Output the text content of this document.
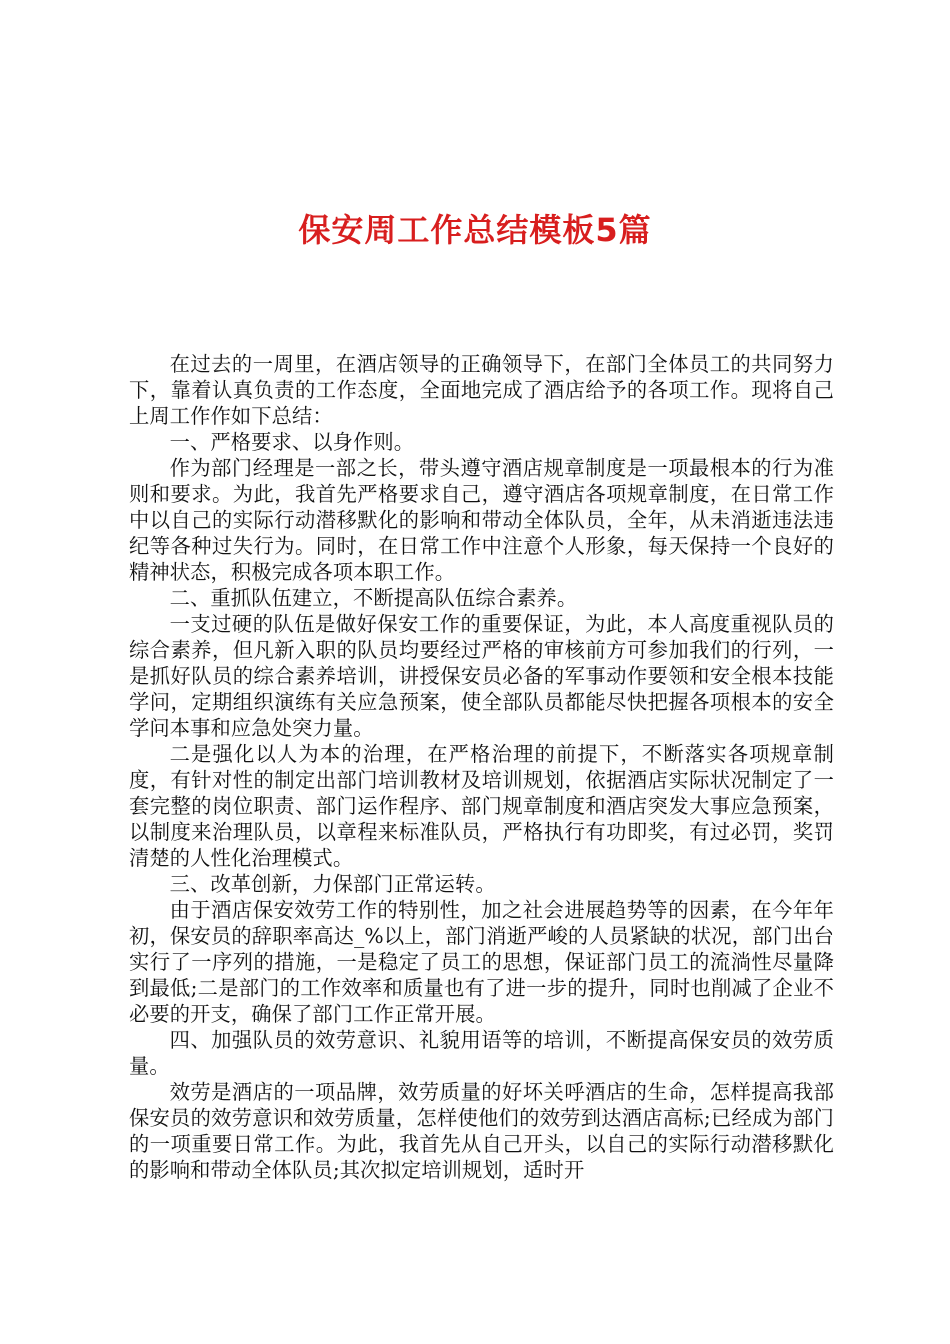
保安周工作总结模板5篇

在过去的一周里，在酒店领导的正确领导下，在部门全体员工的共同努力下，靠着认真负责的工作态度，全面地完成了酒店给予的各项工作。现将自己上周工作作如下总结：

一、严格要求、以身作则。

作为部门经理是一部之长，带头遵守酒店规章制度是一项最根本的行为准则和要求。为此，我首先严格要求自己，遵守酒店各项规章制度，在日常工作中以自己的实际行动潜移默化的影响和带动全体队员，全年，从未消逝违法违纪等各种过失行为。同时，在日常工作中注意个人形象，每天保持一个良好的精神状态，积极完成各项本职工作。

二、重抓队伍建立，不断提高队伍综合素养。

一支过硬的队伍是做好保安工作的重要保证，为此，本人高度重视队员的综合素养，但凡新入职的队员均要经过严格的审核前方可参加我们的行列，一是抓好队员的综合素养培训，讲授保安员必备的军事动作要领和安全根本技能学问，定期组织演练有关应急预案，使全部队员都能尽快把握各项根本的安全学问本事和应急处突力量。

二是强化以人为本的治理，在严格治理的前提下，不断落实各项规章制度，有针对性的制定出部门培训教材及培训规划，依据酒店实际状况制定了一套完整的岗位职责、部门运作程序、部门规章制度和酒店突发大事应急预案，以制度来治理队员，以章程来标准队员，严格执行有功即奖，有过必罚，奖罚清楚的人性化治理模式。

三、改革创新，力保部门正常运转。

由于酒店保安效劳工作的特别性，加之社会进展趋势等的因素，在今年年初，保安员的辞职率高达_%以上，部门消逝严峻的人员紧缺的状况，部门出台实行了一序列的措施，一是稳定了员工的思想，保证部门员工的流淌性尽量降到最低;二是部门的工作效率和质量也有了进一步的提升，同时也削减了企业不必要的开支，确保了部门工作正常开展。

四、加强队员的效劳意识、礼貌用语等的培训，不断提高保安员的效劳质量。

效劳是酒店的一项品牌，效劳质量的好坏关呼酒店的生命，怎样提高我部保安员的效劳意识和效劳质量，怎样使他们的效劳到达酒店高标;已经成为部门的一项重要日常工作。为此，我首先从自己开头，以自己的实际行动潜移默化的影响和带动全体队员;其次拟定培训规划，适时开
